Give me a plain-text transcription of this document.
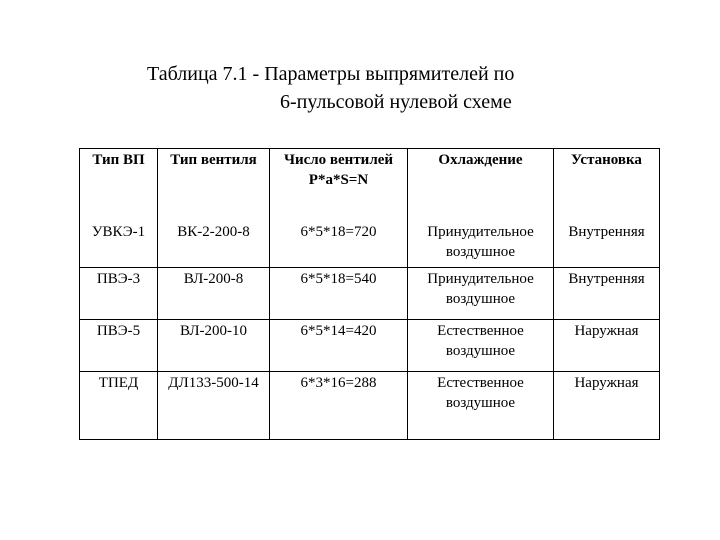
Таблица 7.1 - Параметры выпрямителей по
6-пульсовой нулевой схеме
Тип ВП	Тип вентиля	Число вентилей P*a*S=N	Охлаждение	Установка
УВКЭ-1	ВК-2-200-8	6*5*18=720	Принудительное воздушное	Внутренняя
ПВЭ-3	ВЛ-200-8	6*5*18=540	Принудительное воздушное	Внутренняя
ПВЭ-5	ВЛ-200-10	6*5*14=420	Естественное воздушное	Наружная
ТПЕД	ДЛ133-500-14	6*3*16=288	Естественное воздушное	Наружная
